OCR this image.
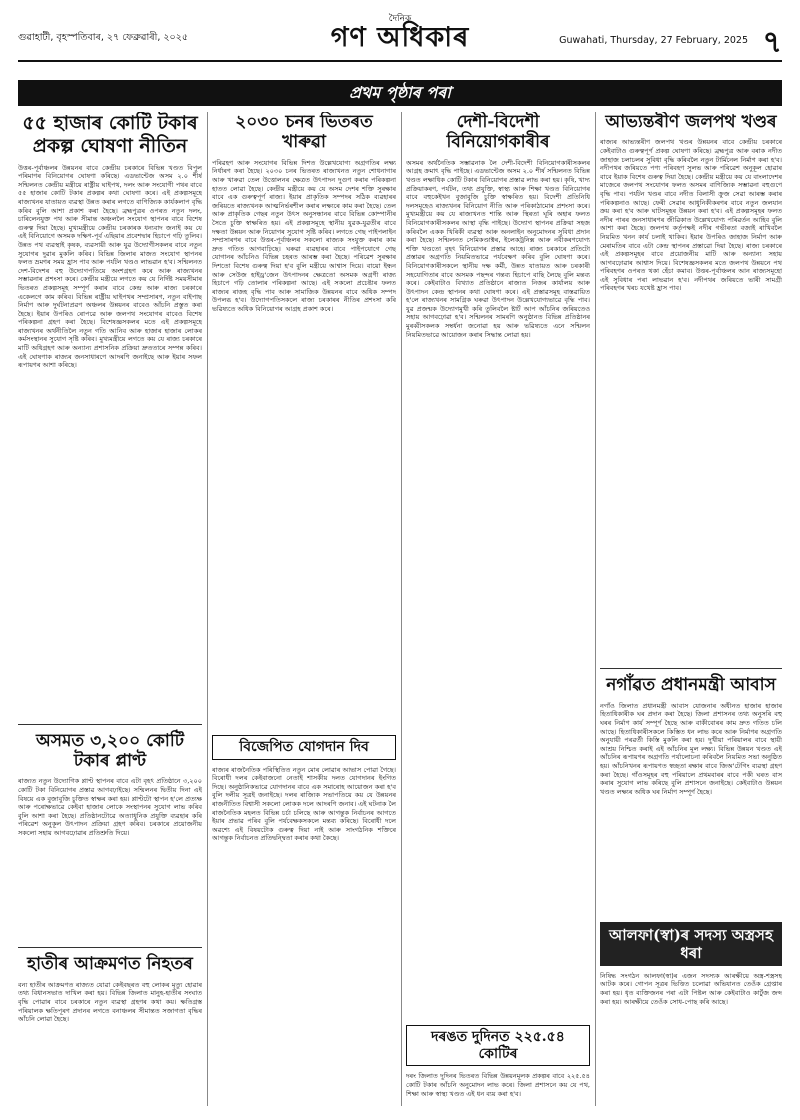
গুৱাহাটী, বৃহস্পতিবাৰ, ২৭ ফেব্ৰুৱাৰী, ২০২৫
দৈনিক
গণ অধিকাৰ	Guwahati, Thursday, 27 February, 2025 ৭
প্ৰথম পৃষ্ঠাৰ পৰা
৫৫ হাজাৰ কোটি টকাৰ প্ৰকল্প ঘোষণা নীতিন
উত্তৰ-পূৰ্বাঞ্চলৰ উন্নয়নৰ বাবে কেন্দ্ৰীয় চৰকাৰে বিভিন্ন খণ্ডত বিপুল পৰিমাণৰ বিনিয়োগৰ ঘোষণা কৰিছে। এডভান্টেজ অসম ২.০ শীৰ্ষ সন্মিলনত কেন্দ্ৰীয় মন্ত্ৰীয়ে ৰাষ্ট্ৰীয় ঘাইপথ, দলং আৰু সংযোগী পথৰ বাবে ৫৫ হাজাৰ কোটি টকাৰ প্ৰকল্পৰ কথা ঘোষণা কৰে। এই প্ৰকল্পসমূহে ৰাজ্যখনৰ যাতায়ত ব্যৱস্থা উন্নত কৰাৰ লগতে বাণিজ্যিক কাৰ্যকলাপ বৃদ্ধি কৰিব বুলি আশা প্ৰকাশ কৰা হৈছে। ব্ৰহ্মপুত্ৰৰ ওপৰত নতুন দলং, চাৰিলেনযুক্ত পথ আৰু সীমান্ত অঞ্চললৈ সংযোগ স্থাপনৰ বাবে বিশেষ গুৰুত্ব দিয়া হৈছে। মুখ্যমন্ত্ৰীয়ে কেন্দ্ৰীয় চৰকাৰক ধন্যবাদ জনাই কয় যে এই বিনিয়োগে অসমক দক্ষিণ-পূৰ্ব এছিয়াৰ প্ৰবেশদ্বাৰ হিচাপে গঢ়ি তুলিব। উন্নত পথ ব্যৱস্থাই কৃষক, ব্যৱসায়ী আৰু যুৱ উদ্যোগীসকলৰ বাবে নতুন সুযোগৰ দুৱাৰ মুকলি কৰিব। বিভিন্ন জিলাৰ মাজত সংযোগ স্থাপনৰ ফলত ভ্ৰমণৰ সময় হ্ৰাস পাব আৰু পৰ্যটন খণ্ডও লাভৱান হ'ব। সন্মিলনত দেশ-বিদেশৰ বহু উদ্যোগপতিয়ে অংশগ্ৰহণ কৰে আৰু ৰাজ্যখনৰ সম্ভাৱনাৰ প্ৰশংসা কৰে। কেন্দ্ৰীয় মন্ত্ৰীয়ে লগতে কয় যে নিৰ্দিষ্ট সময়সীমাৰ ভিতৰত প্ৰকল্পসমূহ সম্পূৰ্ণ কৰাৰ বাবে কেন্দ্ৰ আৰু ৰাজ্য চৰকাৰে একেলগে কাম কৰিব। বিভিন্ন ৰাষ্ট্ৰীয় ঘাইপথৰ সম্প্ৰসাৰণ, নতুন বাইপাছ নিৰ্মাণ আৰু দুৰ্ঘটনাপ্ৰৱণ অঞ্চলৰ উন্নয়নৰ বাবেও আঁচনি প্ৰস্তুত কৰা হৈছে। ইয়াৰ উপৰিও ৰোপৱে আৰু জলপথ সংযোগৰ বাবেও বিশেষ পৰিকল্পনা গ্ৰহণ কৰা হৈছে। বিশেষজ্ঞসকলৰ মতে এই প্ৰকল্পসমূহে ৰাজ্যখনৰ অৰ্থনীতিলৈ নতুন গতি আনিব আৰু হাজাৰ হাজাৰ লোকৰ কৰ্মসংস্থানৰ সুযোগ সৃষ্টি কৰিব। মুখ্যমন্ত্ৰীয়ে লগতে কয় যে ৰাজ্য চৰকাৰে মাটি অধিগ্ৰহণ আৰু অন্যান্য প্ৰশাসনিক প্ৰক্ৰিয়া দ্ৰুততাৰে সম্পন্ন কৰিব। এই ঘোষণাক ৰাজ্যৰ জনসাধাৰণে আদৰণি জনাইছে আৰু ইয়াৰ সফল ৰূপায়ণৰ আশা কৰিছে।
অসমত ৩,২০০ কোটি টকাৰ প্লাণ্ট
ৰাজ্যত নতুন উদ্যোগিক প্লাণ্ট স্থাপনৰ বাবে এটা বৃহৎ প্ৰতিষ্ঠানে ৩,২০০ কোটি টকা বিনিয়োগৰ প্ৰস্তাৱ আগবঢ়াইছে। সন্মিলনৰ দ্বিতীয় দিনা এই বিষয়ে এক বুজাবুজি চুক্তিত স্বাক্ষৰ কৰা হয়। প্লাণ্টটো স্থাপন হ'লে প্ৰত্যক্ষ আৰু পৰোক্ষভাৱে কেইবা হাজাৰ লোকে সংস্থাপনৰ সুযোগ লাভ কৰিব বুলি আশা কৰা হৈছে। প্ৰতিষ্ঠানটোৱে অত্যাধুনিক প্ৰযুক্তি ব্যৱহাৰ কৰি পৰিৱেশ অনুকূল উৎপাদন প্ৰক্ৰিয়া গ্ৰহণ কৰিব। চৰকাৰে প্ৰয়োজনীয় সকলো সহায় আগবঢ়োৱাৰ প্ৰতিশ্ৰুতি দিয়ে।
হাতীৰ আক্ৰমণত নিহতৰ
বন্য হাতীৰ আক্ৰমণত ৰাজ্যত যোৱা কেইবছৰত বহু লোকৰ মৃত্যু হোৱাৰ তথ্য বিধানসভাত দাখিল কৰা হয়। বিভিন্ন জিলাত মানুহ-হাতীৰ সংঘাত বৃদ্ধি পোৱাৰ বাবে চৰকাৰে নতুন ব্যৱস্থা গ্ৰহণৰ কথা কয়। ক্ষতিগ্ৰস্ত পৰিয়ালক ক্ষতিপূৰণ প্ৰদানৰ লগতে বনাঞ্চলৰ সীমান্তত সজাগতা বৃদ্ধিৰ আঁচনি লোৱা হৈছে।
২০৩০ চনৰ ভিতৰত খাৰুৱা
পৰিৱহণ আৰু সংযোগৰ বিভিন্ন দিশত উল্লেখযোগ্য অগ্ৰগতিৰ লক্ষ্য নিৰ্ধাৰণ কৰা হৈছে। ২০৩০ চনৰ ভিতৰত ৰাজ্যখনত নতুন শোধনাগাৰ আৰু খাৰুৱা তেল উত্তোলনৰ ক্ষেত্ৰত উৎপাদন দুগুণ কৰাৰ পৰিকল্পনা হাতত লোৱা হৈছে। কেন্দ্ৰীয় মন্ত্ৰীয়ে কয় যে অসম দেশৰ শক্তি সুৰক্ষাৰ বাবে এক গুৰুত্বপূৰ্ণ ৰাজ্য। ইয়াৰ প্ৰাকৃতিক সম্পদৰ সঠিক ব্যৱহাৰৰ জৰিয়তে ৰাজ্যখনক আত্মনিৰ্ভৰশীল কৰাৰ লক্ষ্যৰে কাম কৰা হৈছে। তেল আৰু প্ৰাকৃতিক গেছৰ নতুন উৎস অনুসন্ধানৰ বাবে বিভিন্ন কোম্পানীৰ সৈতে চুক্তি স্বাক্ষৰিত হয়। এই প্ৰকল্পসমূহে স্থানীয় যুৱক-যুৱতীৰ বাবে দক্ষতা উন্নয়ন আৰু নিয়োগৰ সুযোগ সৃষ্টি কৰিব। লগতে গেছ পাইপলাইন সম্প্ৰসাৰণৰ বাবে উত্তৰ-পূৰ্বাঞ্চলৰ সকলো ৰাজ্যক সংযুক্ত কৰাৰ কাম দ্ৰুত গতিত আগবাঢ়িছে। ঘৰুৱা ব্যৱহাৰৰ বাবে পাইপযোগে গেছ যোগানৰ আঁচনিও বিভিন্ন চহৰত আৰম্ভ কৰা হৈছে। পৰিৱেশ সুৰক্ষাৰ দিশতো বিশেষ গুৰুত্ব দিয়া হ'ব বুলি মন্ত্ৰীয়ে আশ্বাস দিয়ে। বায়ো ইন্ধন আৰু সেউজ হাইড্ৰ'জেন উৎপাদনৰ ক্ষেত্ৰতো অসমক অগ্ৰণী ৰাজ্য হিচাপে গঢ়ি তোলাৰ পৰিকল্পনা আছে। এই সকলো প্ৰচেষ্টাৰ ফলত ৰাজ্যৰ ৰাজহ বৃদ্ধি পাব আৰু সামাজিক উন্নয়নৰ বাবে অধিক সম্পদ উপলব্ধ হ'ব। উদ্যোগপতিসকলে ৰাজ্য চৰকাৰৰ নীতিৰ প্ৰশংসা কৰি ভৱিষ্যতে অধিক বিনিয়োগৰ আগ্ৰহ প্ৰকাশ কৰে।
বিজেপিত যোগদান দিব
ৰাজ্যৰ ৰাজনৈতিক পৰিস্থিতিত নতুন মোৰ লোৱাৰ আভাস পোৱা গৈছে। বিৰোধী দলৰ কেইবাজনো নেতাই শাসকীয় দলত যোগদানৰ ইংগিত দিছে। অনুষ্ঠানিকভাৱে যোগদানৰ বাবে এক সমাৰোহ আয়োজন কৰা হ'ব বুলি দলীয় সূত্ৰই জনাইছে। দলৰ ৰাজ্যিক সভাপতিয়ে কয় যে উন্নয়নৰ ৰাজনীতিত বিশ্বাসী সকলো লোকক দলে আদৰণি জনাব। এই ঘটনাক লৈ ৰাজনৈতিক মহলত বিভিন্ন চৰ্চা চলিছে আৰু আগন্তুক নিৰ্বাচনৰ আগতে ইয়াৰ প্ৰভাৱ পৰিব বুলি পৰ্যবেক্ষকসকলে মন্তব্য কৰিছে। বিৰোধী দলে অৱশ্যে এই বিষয়টোক গুৰুত্ব দিয়া নাই আৰু সাংগঠনিক শক্তিৰে আগন্তুক নিৰ্বাচনত প্ৰতিদ্বন্দ্বিতা কৰাৰ কথা কৈছে।
দেশী-বিদেশী বিনিয়োগকাৰীৰ
অসমৰ অৰ্থনৈতিক সম্ভাৱনাক লৈ দেশী-বিদেশী বিনিয়োগকাৰীসকলৰ আগ্ৰহ ক্ৰমাৎ বৃদ্ধি পাইছে। এডভান্টেজ অসম ২.০ শীৰ্ষ সন্মিলনত বিভিন্ন খণ্ডত লক্ষাধিক কোটি টকাৰ বিনিয়োগৰ প্ৰস্তাৱ লাভ কৰা হয়। কৃষি, খাদ্য প্ৰক্ৰিয়াকৰণ, পৰ্যটন, তথ্য প্ৰযুক্তি, স্বাস্থ্য আৰু শিক্ষা খণ্ডত বিনিয়োগৰ বাবে বহুকেইখন বুজাবুজি চুক্তি স্বাক্ষৰিত হয়। বিদেশী প্ৰতিনিধি দলসমূহেও ৰাজ্যখনৰ বিনিয়োগ নীতি আৰু পৰিকাঠামোৰ প্ৰশংসা কৰে। মুখ্যমন্ত্ৰীয়ে কয় যে ৰাজ্যখনত শান্তি আৰু স্থিৰতা ঘূৰি অহাৰ ফলত বিনিয়োগকাৰীসকলৰ আস্থা বৃদ্ধি পাইছে। উদ্যোগ স্থাপনৰ প্ৰক্ৰিয়া সহজ কৰিবলৈ একক খিৰিকী ব্যৱস্থা আৰু অনলাইন অনুমোদনৰ সুবিধা প্ৰদান কৰা হৈছে। সন্মিলনত সেমিকণ্ডাক্টৰ, ইলেকট্ৰনিক্স আৰু নবীকৰণযোগ্য শক্তি খণ্ডতো বৃহৎ বিনিয়োগৰ প্ৰস্তাৱ আহে। ৰাজ্য চৰকাৰে প্ৰতিটো প্ৰস্তাৱৰ অগ্ৰগতি নিয়মিতভাৱে পৰ্যবেক্ষণ কৰিব বুলি ঘোষণা কৰে। বিনিয়োগকাৰীসকলে স্থানীয় দক্ষ কৰ্মী, উন্নত যাতায়ত আৰু চৰকাৰী সহযোগিতাৰ বাবে অসমক পছন্দৰ গন্তব্য হিচাপে বাছি লৈছে বুলি মন্তব্য কৰে। কেইবাটাও বিখ্যাত প্ৰতিষ্ঠানে ৰাজ্যত নিজৰ কাৰ্যালয় আৰু উৎপাদন কেন্দ্ৰ স্থাপনৰ কথা ঘোষণা কৰে। এই প্ৰস্তাৱসমূহ বাস্তৱায়িত হ'লে ৰাজ্যখনৰ সামগ্ৰিক ঘৰুৱা উৎপাদন উল্লেখযোগ্যভাৱে বৃদ্ধি পাব। যুৱ প্ৰজন্মক উদ্যোগমুখী কৰি তুলিবলৈ ষ্টাৰ্ট আপ আঁচনিৰ জৰিয়তেও সহায় আগবঢ়োৱা হ'ব। সন্মিলনৰ সামৰণি অনুষ্ঠানত বিভিন্ন প্ৰতিষ্ঠানৰ মুৰব্বীসকলক সম্বৰ্ধনা জনোৱা হয় আৰু ভৱিষ্যতে এনে সন্মিলন নিয়মিতভাৱে আয়োজন কৰাৰ সিদ্ধান্ত লোৱা হয়।
দৰঙত দুদিনত ২২৫.৫৪ কোটিৰ
দৰং জিলাত দুদিনৰ ভিতৰত বিভিন্ন উন্নয়নমূলক প্ৰকল্পৰ বাবে ২২৫.৫৪ কোটি টকাৰ আঁচনি অনুমোদন লাভ কৰে। জিলা প্ৰশাসনে কয় যে পথ, শিক্ষা আৰু স্বাস্থ্য খণ্ডত এই ধন ব্যয় কৰা হ'ব।
আভ্যন্তৰীণ জলপথ খণ্ডৰ
ৰাজ্যৰ আভ্যন্তৰীণ জলপথ খণ্ডৰ উন্নয়নৰ বাবে কেন্দ্ৰীয় চৰকাৰে কেইবাটাও গুৰুত্বপূৰ্ণ প্ৰকল্প ঘোষণা কৰিছে। ব্ৰহ্মপুত্ৰ আৰু বৰাক নদীত জাহাজ চলাচলৰ সুবিধা বৃদ্ধি কৰিবলৈ নতুন টাৰ্মিনেল নিৰ্মাণ কৰা হ'ব। নদীপথৰ জৰিয়তে পণ্য পৰিবহণ সুলভ আৰু পৰিৱেশ অনুকূল হোৱাৰ বাবে ইয়াক বিশেষ গুৰুত্ব দিয়া হৈছে। কেন্দ্ৰীয় মন্ত্ৰীয়ে কয় যে বাংলাদেশৰ মাজেৰে জলপথ সংযোগৰ ফলত অসমৰ বাণিজ্যিক সম্ভাৱনা বহুগুণে বৃদ্ধি পাব। পৰ্যটন খণ্ডৰ বাবে নদীত বিলাসী ক্ৰুজ সেৱা আৰম্ভ কৰাৰ পৰিকল্পনাও আছে। ফেৰী সেৱাৰ আধুনিকীকৰণৰ বাবে নতুন জলযান ক্ৰয় কৰা হ'ব আৰু ঘাটসমূহৰ উন্নয়ন কৰা হ'ব। এই প্ৰকল্পসমূহৰ ফলত নদীৰ পাৰৰ জনসাধাৰণৰ জীৱিকাত উল্লেখযোগ্য পৰিৱৰ্তন আহিব বুলি আশা কৰা হৈছে। জলপথ কৰ্তৃপক্ষই নদীৰ গভীৰতা বজাই ৰাখিবলৈ নিয়মিত খনন কাৰ্য চলাই থাকিব। ইয়াৰ উপৰিও জাহাজ নিৰ্মাণ আৰু মেৰামতিৰ বাবে এটা কেন্দ্ৰ স্থাপনৰ প্ৰস্তাৱো দিয়া হৈছে। ৰাজ্য চৰকাৰে এই প্ৰকল্পসমূহৰ বাবে প্ৰয়োজনীয় মাটি আৰু অন্যান্য সহায় আগবঢ়োৱাৰ আশ্বাস দিয়ে। বিশেষজ্ঞসকলৰ মতে জলপথ উন্নয়নে পথ পৰিবহণৰ ওপৰত থকা হেঁচা কমাব। উত্তৰ-পূৰ্বাঞ্চলৰ আন ৰাজ্যসমূহো এই সুবিধাৰ পৰা লাভৱান হ'ব। নদীপথৰ জৰিয়তে ভাৰী সামগ্ৰী পৰিবহণৰ খৰচ যথেষ্ট হ্ৰাস পাব।
নগাঁৱত প্ৰধানমন্ত্ৰী আবাস
নগাঁও জিলাত প্ৰধানমন্ত্ৰী আবাস যোজনাৰ অধীনত হাজাৰ হাজাৰ হিতাধিকাৰীক ঘৰ প্ৰদান কৰা হৈছে। জিলা প্ৰশাসনৰ তথ্য অনুসৰি বহু ঘৰৰ নিৰ্মাণ কাৰ্য সম্পূৰ্ণ হৈছে আৰু বাকীবোৰৰ কাম দ্ৰুত গতিত চলি আছে। হিতাধিকাৰীসকলে কিস্তিত ধন লাভ কৰে আৰু নিৰ্মাণৰ অগ্ৰগতি অনুযায়ী পৰৱৰ্তী কিস্তি মুকলি কৰা হয়। দুখীয়া পৰিয়ালৰ বাবে স্থায়ী আশ্ৰয় নিশ্চিত কৰাই এই আঁচনিৰ মূল লক্ষ্য। বিভিন্ন উন্নয়ন খণ্ডত এই আঁচনিৰ ৰূপায়ণৰ অগ্ৰগতি পৰ্যালোচনা কৰিবলৈ নিয়মিত সভা অনুষ্ঠিত হয়। আঁচনিখনৰ ৰূপায়ণত স্বচ্ছতা ৰক্ষাৰ বাবে জিঅ'টেগিং ব্যৱস্থা গ্ৰহণ কৰা হৈছে। গাঁওসমূহৰ বহু পৰিয়ালে প্ৰথমবাৰৰ বাবে পকী ঘৰত বাস কৰাৰ সুযোগ লাভ কৰিছে বুলি প্ৰশাসনে জনাইছে। কেইবাটাও উন্নয়ন খণ্ডত লক্ষ্যৰ অধিক ঘৰ নিৰ্মাণ সম্পূৰ্ণ হৈছে।
আলফা(স্বা)ৰ সদস্য অস্ত্ৰসহ ধৰা
নিষিদ্ধ সংগঠন আলফা(স্বা)ৰ এজন সদস্যক আৰক্ষীয়ে অস্ত্ৰ-শস্ত্ৰসহ আটক কৰে। গোপন সূত্ৰৰ ভিত্তিত চলোৱা অভিযানত তেওঁক গ্ৰেপ্তাৰ কৰা হয়। ধৃত ব্যক্তিজনৰ পৰা এটা পিষ্টল আৰু কেইবাটাও কাৰ্টুজ জব্দ কৰা হয়। আৰক্ষীয়ে তেওঁক সোধ-পোছ কৰি আছে।
